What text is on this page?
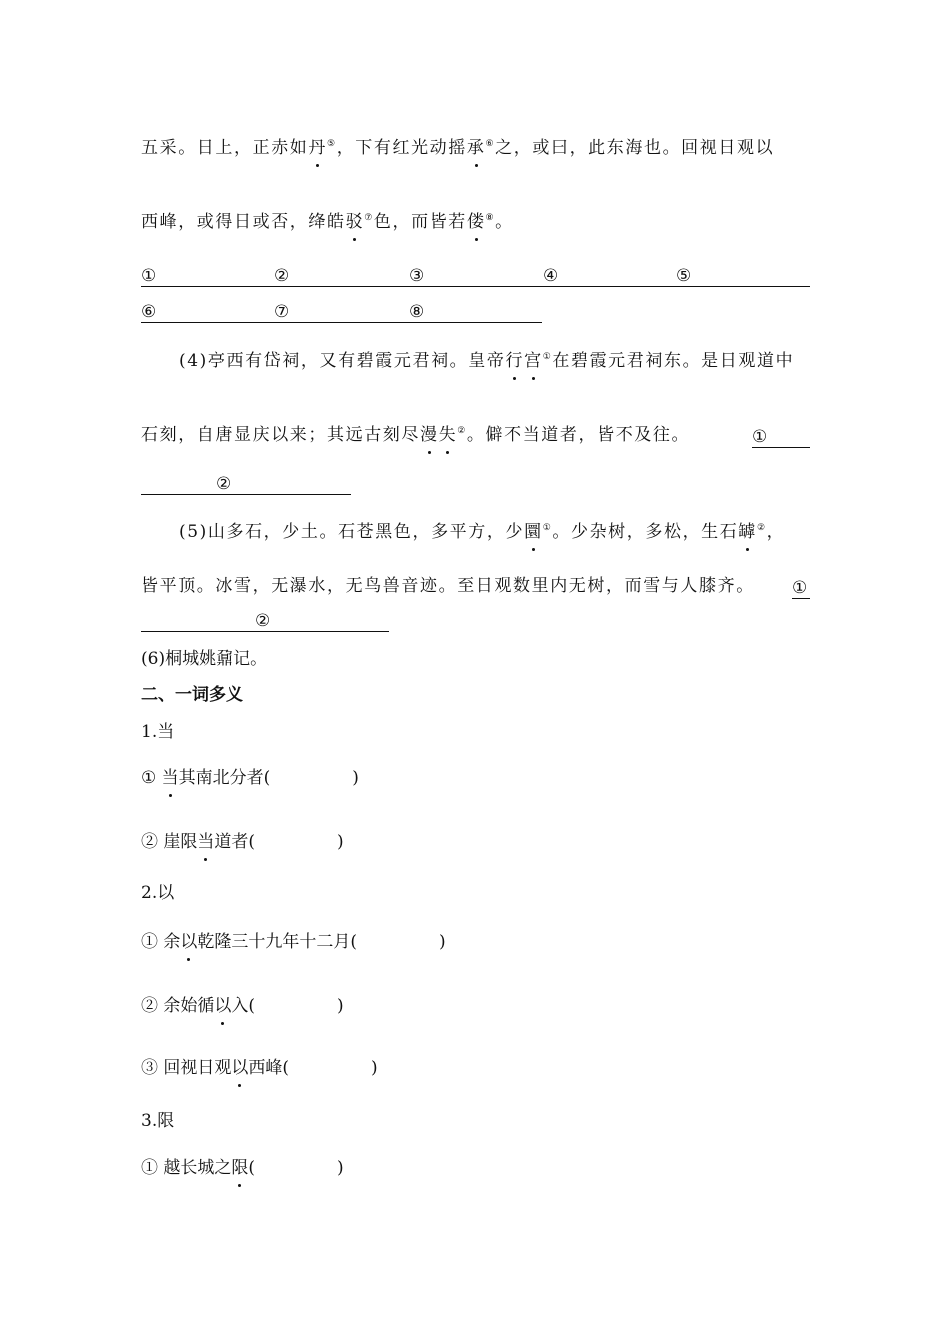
五采。日上，正赤如丹⑤，下有红光动摇承⑥之，或曰，此东海也。回视日观以
西峰，或得日或否，绛皓驳⑦色，而皆若偻⑧。
①	②	③	④	⑤
⑥	⑦	⑧
(4)亭西有岱祠，又有碧霞元君祠。皇帝行宫①在碧霞元君祠东。是日观道中
石刻，自唐显庆以来；其远古刻尽漫失②。僻不当道者，皆不及往。	①
②
(5)山多石，少土。石苍黑色，多平方，少圜①。少杂树，多松，生石罅②，
皆平顶。冰雪，无瀑水，无鸟兽音迹。至日观数里内无树，而雪与人膝齐。 ①
②
(6)桐城姚鼐记。
二、一词多义
1.当
① 当其南北分者(	)
② 崖限当道者(	)
2.以
① 余以乾隆三十九年十二月(	)
② 余始循以入(	)
③ 回视日观以西峰(	)
3.限
① 越长城之限(	)
